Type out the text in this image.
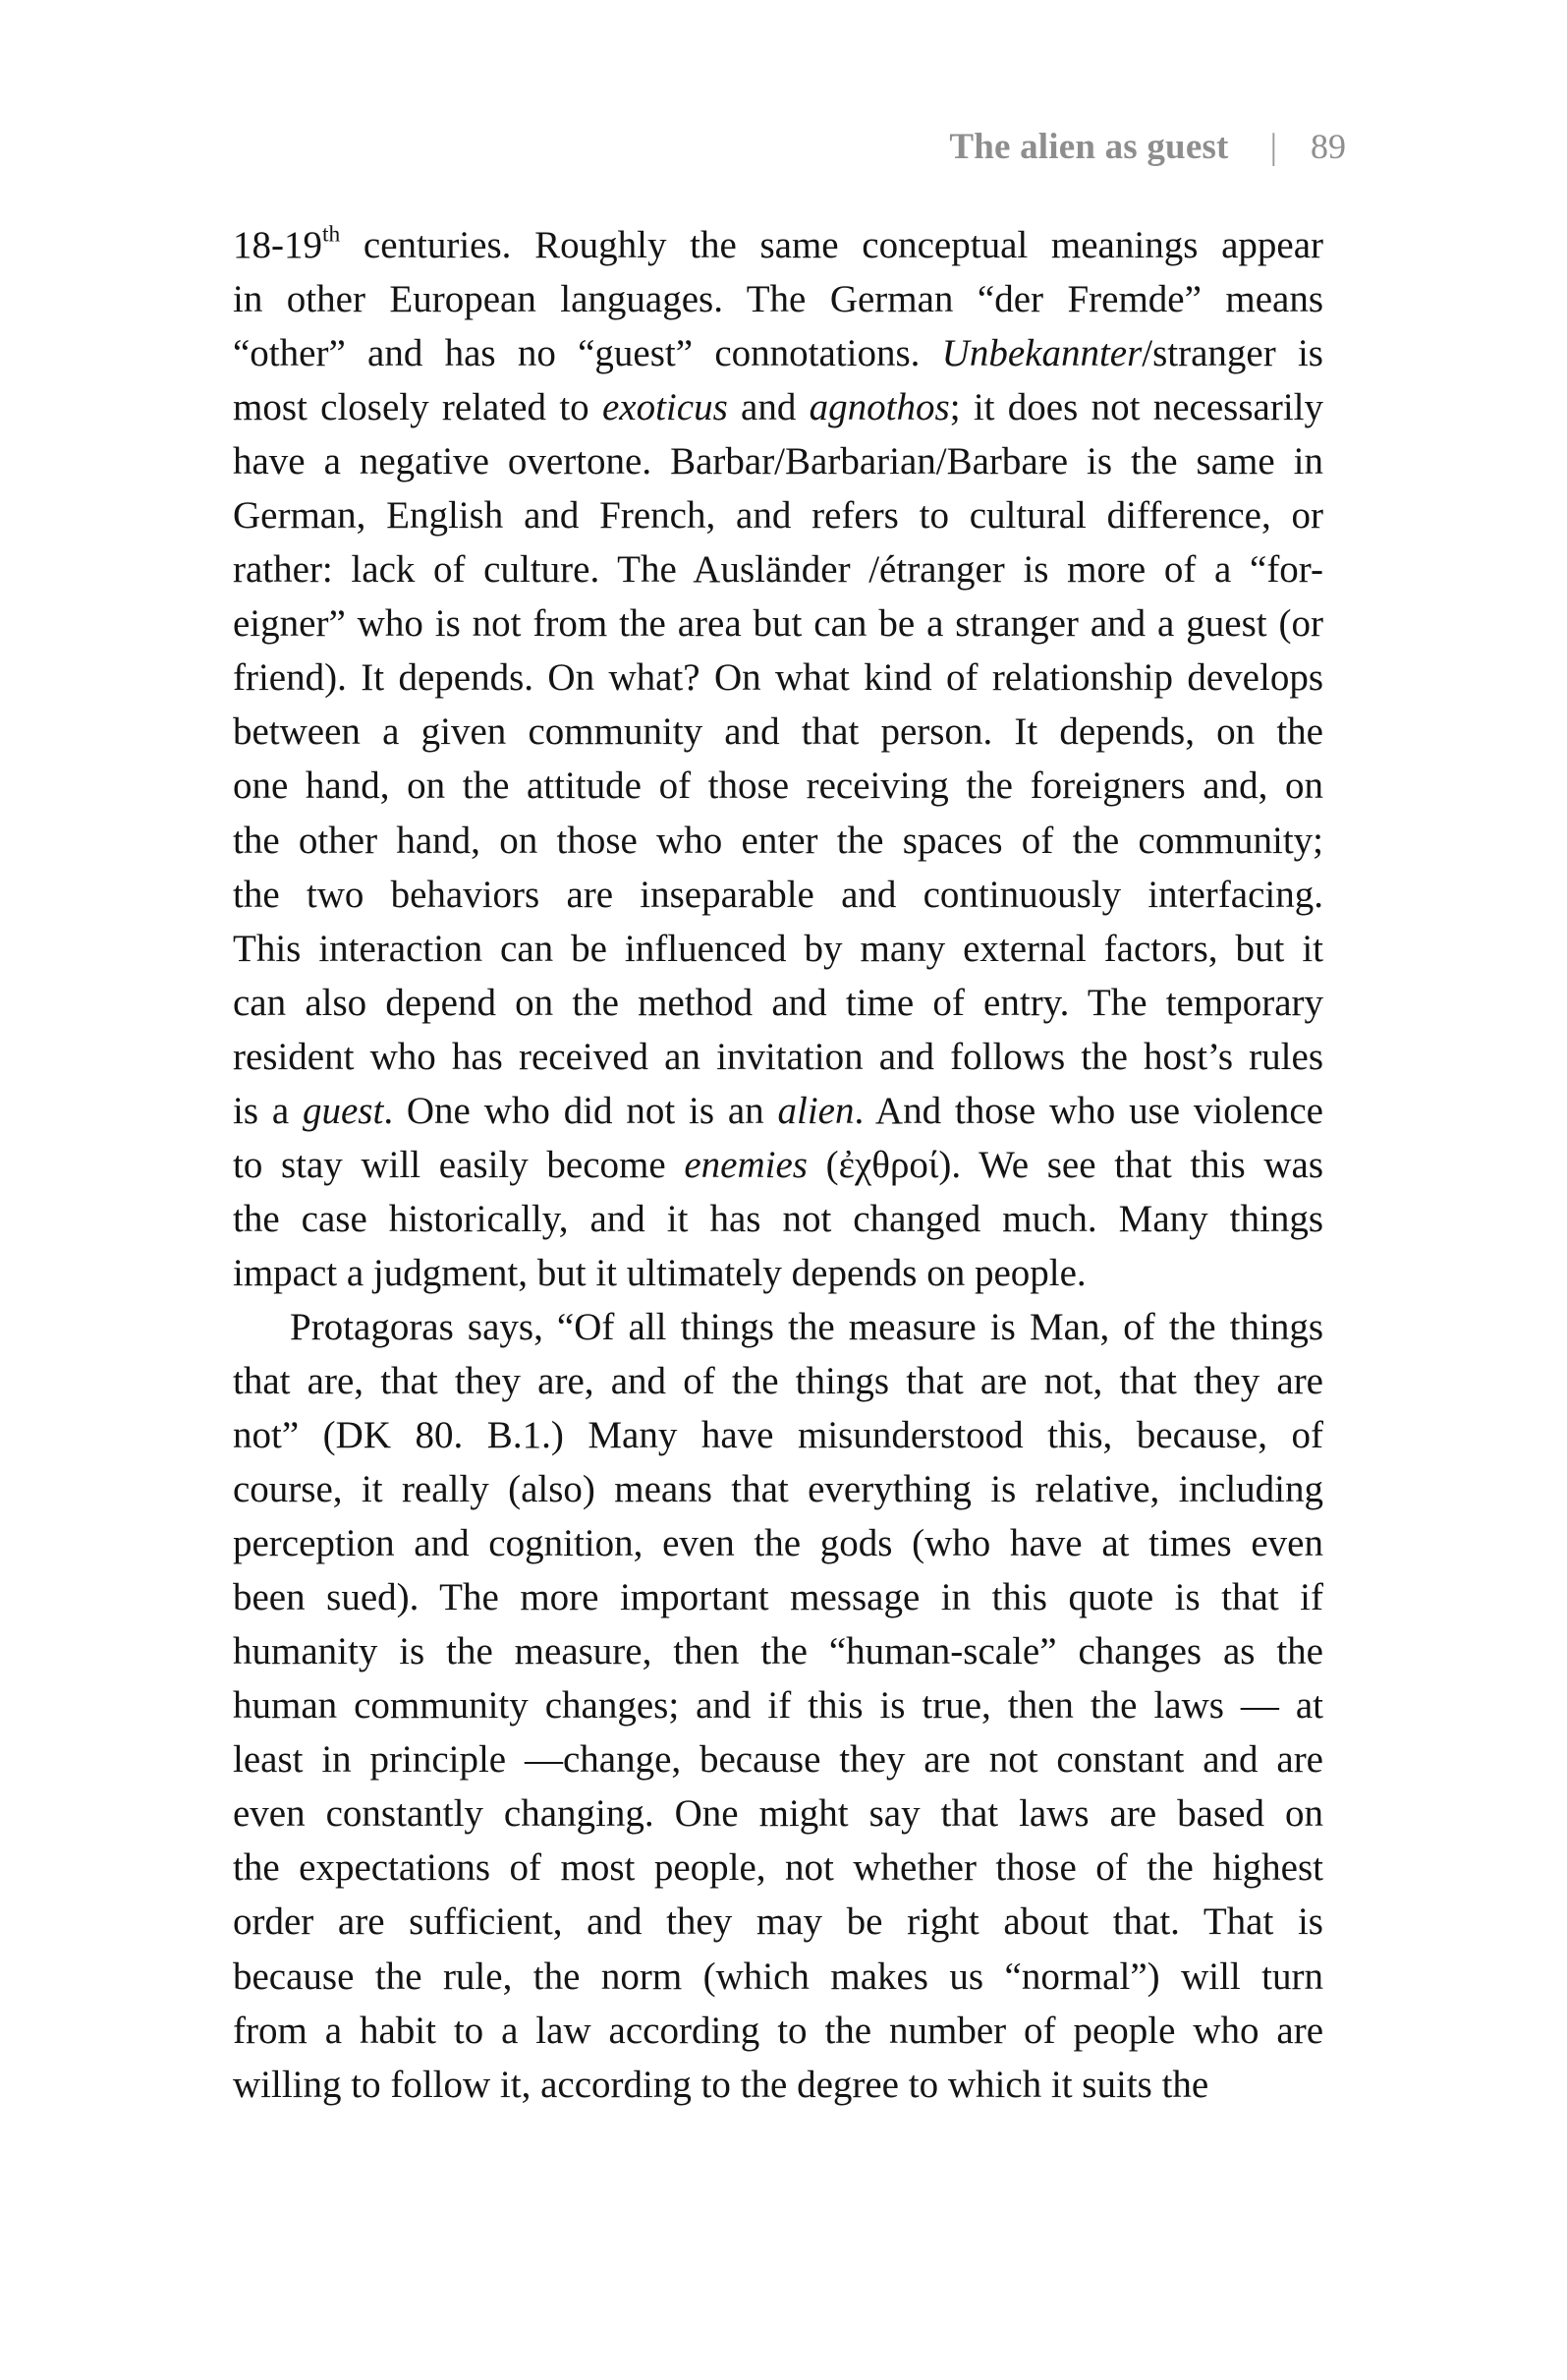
The alien as guest | 89
18-19th centuries. Roughly the same conceptual meanings appear
in other European languages. The German “der Fremde” means
“other” and has no “guest” connotations. Unbekannter/stranger is
most closely related to exoticus and agnothos; it does not necessarily
have a negative overtone. Barbar/Barbarian/Barbare is the same in
German, English and French, and refers to cultural difference, or
rather: lack of culture. The Ausländer /étranger is more of a “for-
eigner” who is not from the area but can be a stranger and a guest (or
friend). It depends. On what? On what kind of relationship develops
between a given community and that person. It depends, on the
one hand, on the attitude of those receiving the foreigners and, on
the other hand, on those who enter the spaces of the community;
the two behaviors are inseparable and continuously interfacing.
This interaction can be influenced by many external factors, but it
can also depend on the method and time of entry. The temporary
resident who has received an invitation and follows the host’s rules
is a guest. One who did not is an alien. And those who use violence
to stay will easily become enemies (ἐχθροί). We see that this was
the case historically, and it has not changed much. Many things
impact a judgment, but it ultimately depends on people.
Protagoras says, “Of all things the measure is Man, of the things
that are, that they are, and of the things that are not, that they are
not” (DK 80. B.1.) Many have misunderstood this, because, of
course, it really (also) means that everything is relative, including
perception and cognition, even the gods (who have at times even
been sued). The more important message in this quote is that if
humanity is the measure, then the “human-scale” changes as the
human community changes; and if this is true, then the laws — at
least in principle —change, because they are not constant and are
even constantly changing. One might say that laws are based on
the expectations of most people, not whether those of the highest
order are sufficient, and they may be right about that. That is
because the rule, the norm (which makes us “normal”) will turn
from a habit to a law according to the number of people who are
willing to follow it, according to the degree to which it suits the
